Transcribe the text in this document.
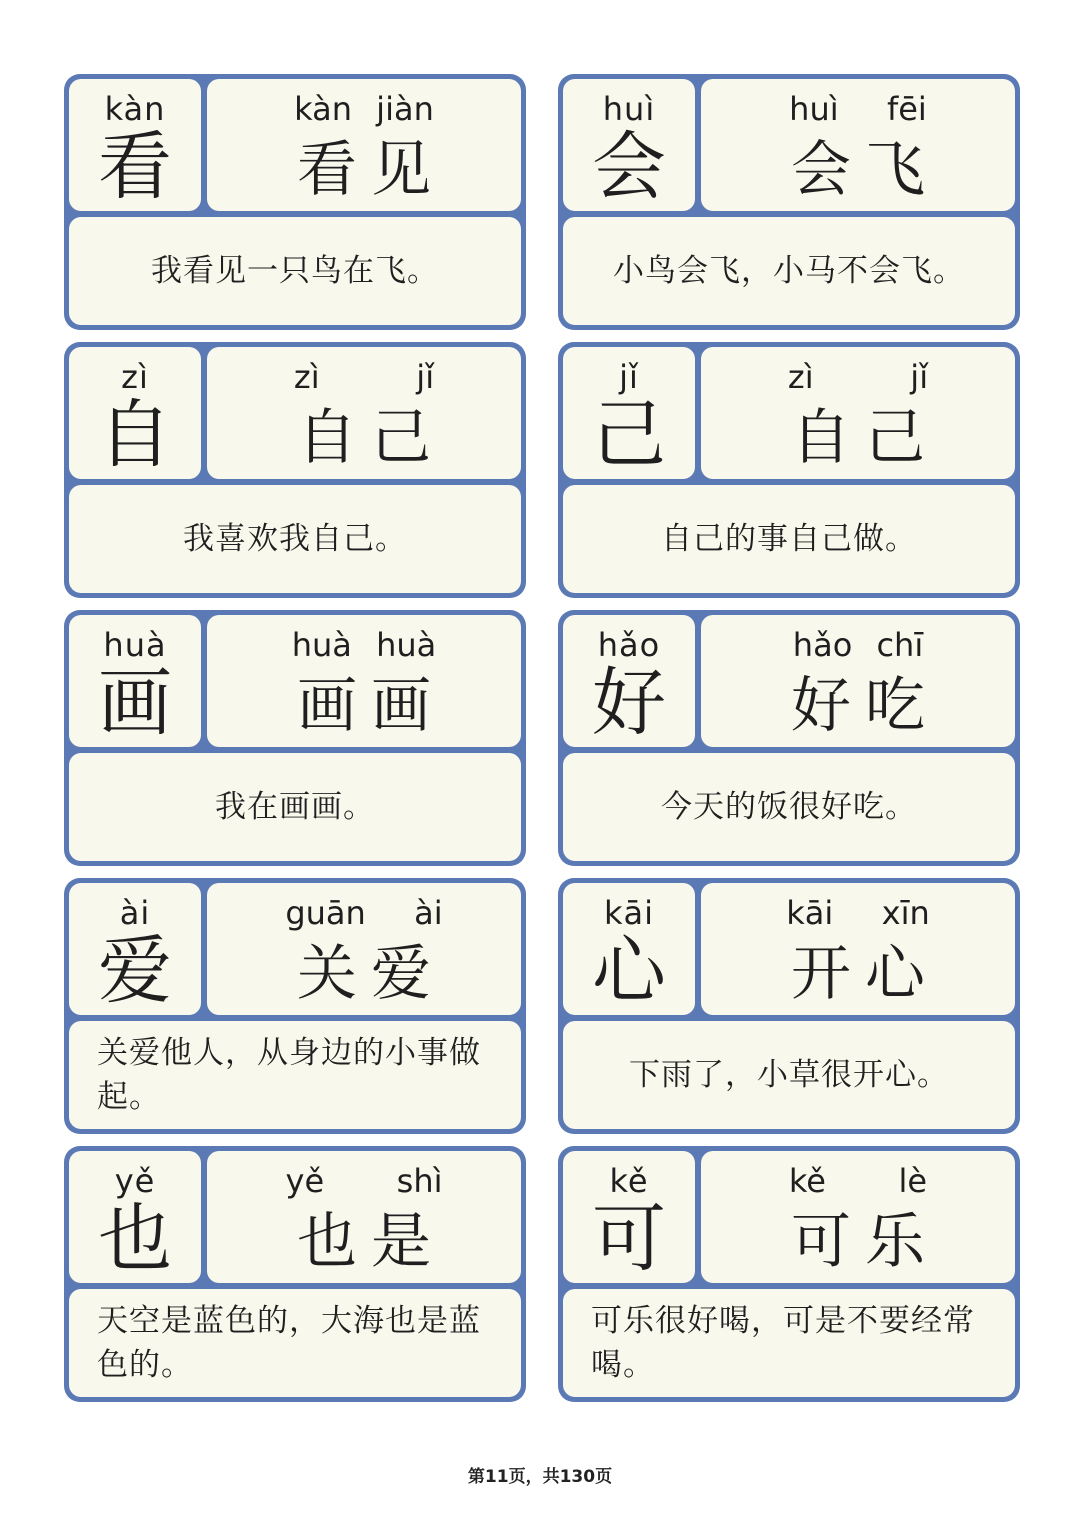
kàn
看
kàn jiàn
看见
我看见一只鸟在飞。
huì
会
huì  fēi
会飞
小鸟会飞，小马不会飞。
zì
自
zì    jǐ
自己
我喜欢我自己。
jǐ
己
zì    jǐ
自己
自己的事自己做。
huà
画
huà huà
画画
我在画画。
hǎo
好
hǎo chī
好吃
今天的饭很好吃。
ài
爱
guān  ài
关爱
关爱他人，从身边的小事做起。
kāi
心
kāi  xīn
开心
下雨了，小草很开心。
yě
也
yě   shì
也是
天空是蓝色的，大海也是蓝色的。
kě
可
kě   lè
可乐
可乐很好喝，可是不要经常喝。
第11页，共130页
